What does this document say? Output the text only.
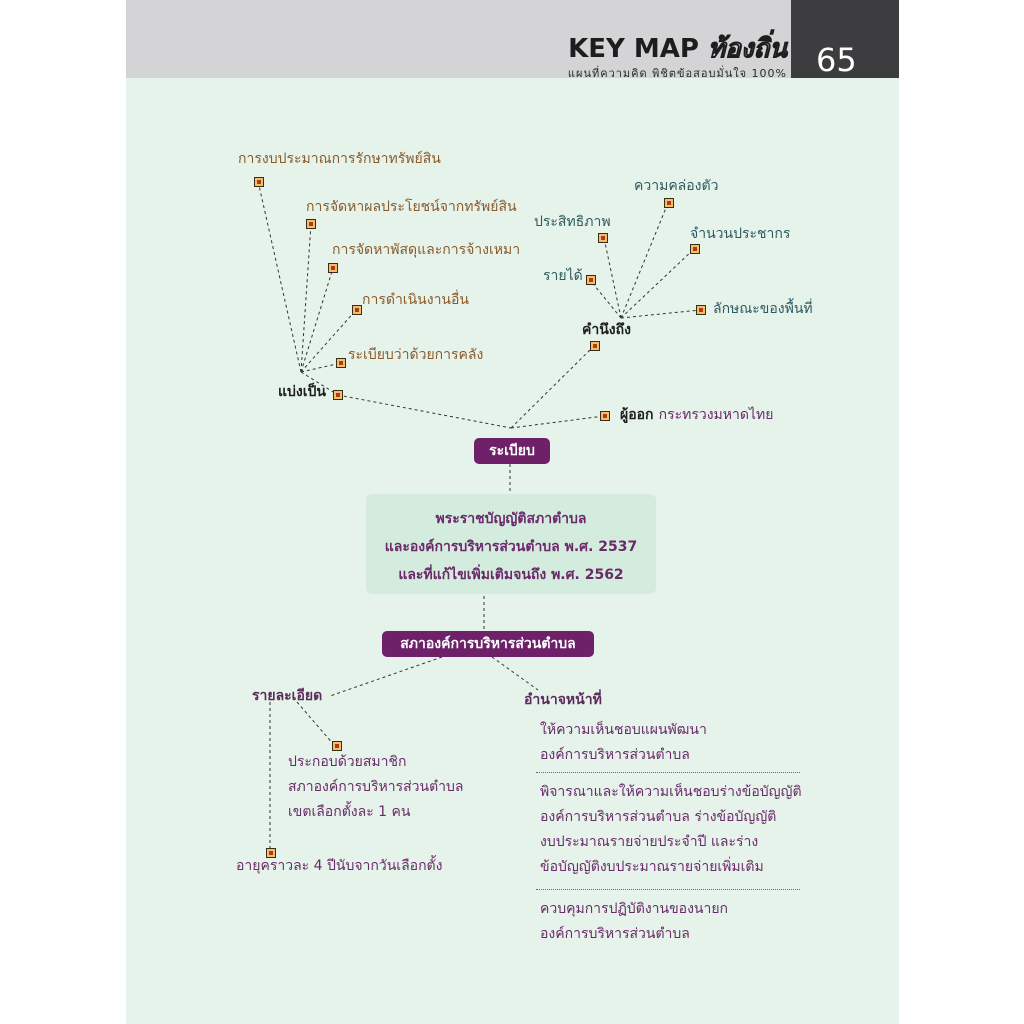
65
KEY MAP ท้องถิ่น
แผนที่ความคิด พิชิตข้อสอบมั่นใจ 100%
การงบประมาณการรักษาทรัพย์สิน
การจัดหาผลประโยชน์จากทรัพย์สิน
การจัดหาพัสดุและการจ้างเหมา
การดำเนินงานอื่น
ระเบียบว่าด้วยการคลัง
แบ่งเป็น
ประสิทธิภาพ
ความคล่องตัว
จำนวนประชากร
รายได้
ลักษณะของพื้นที่
คำนึงถึง
ผู้ออก กระทรวงมหาดไทย
ระเบียบ
พระราชบัญญัติสภาตำบล
และองค์การบริหารส่วนตำบล พ.ศ. 2537
และที่แก้ไขเพิ่มเติมจนถึง พ.ศ. 2562
สภาองค์การบริหารส่วนตำบล
รายละเอียด
ประกอบด้วยสมาชิก
สภาองค์การบริหารส่วนตำบล
เขตเลือกตั้งละ 1 คน
อายุคราวละ 4 ปีนับจากวันเลือกตั้ง
อำนาจหน้าที่
ให้ความเห็นชอบแผนพัฒนา
องค์การบริหารส่วนตำบล
พิจารณาและให้ความเห็นชอบร่างข้อบัญญัติ
องค์การบริหารส่วนตำบล ร่างข้อบัญญัติ
งบประมาณรายจ่ายประจำปี และร่าง
ข้อบัญญัติงบประมาณรายจ่ายเพิ่มเติม
ควบคุมการปฏิบัติงานของนายก
องค์การบริหารส่วนตำบล
